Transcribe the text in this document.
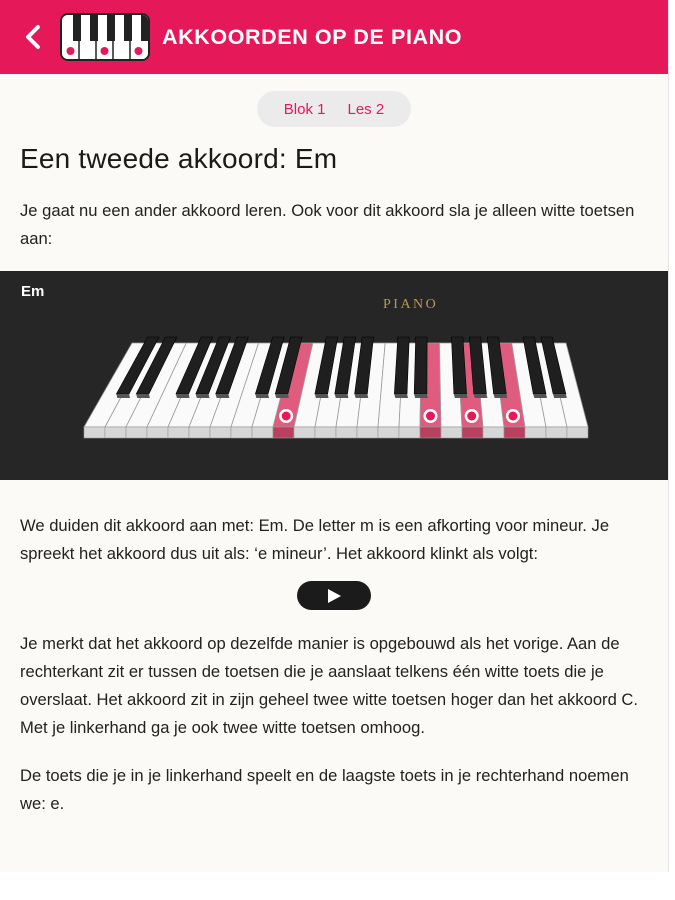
AKKOORDEN OP DE PIANO
Blok 1 Les 2
Een tweede akkoord: Em

Je gaat nu een ander akkoord leren. Ook voor dit akkoord sla je alleen witte toetsen aan:

Em
PIANO

We duiden dit akkoord aan met: Em. De letter m is een afkorting voor mineur. Je spreekt het akkoord dus uit als: ‘e mineur’. Het akkoord klinkt als volgt:

Je merkt dat het akkoord op dezelfde manier is opgebouwd als het vorige. Aan de rechterkant zit er tussen de toetsen die je aanslaat telkens één witte toets die je overslaat. Het akkoord zit in zijn geheel twee witte toetsen hoger dan het akkoord C. Met je linkerhand ga je ook twee witte toetsen omhoog.

De toets die je in je linkerhand speelt en de laagste toets in je rechterhand noemen we: e.
